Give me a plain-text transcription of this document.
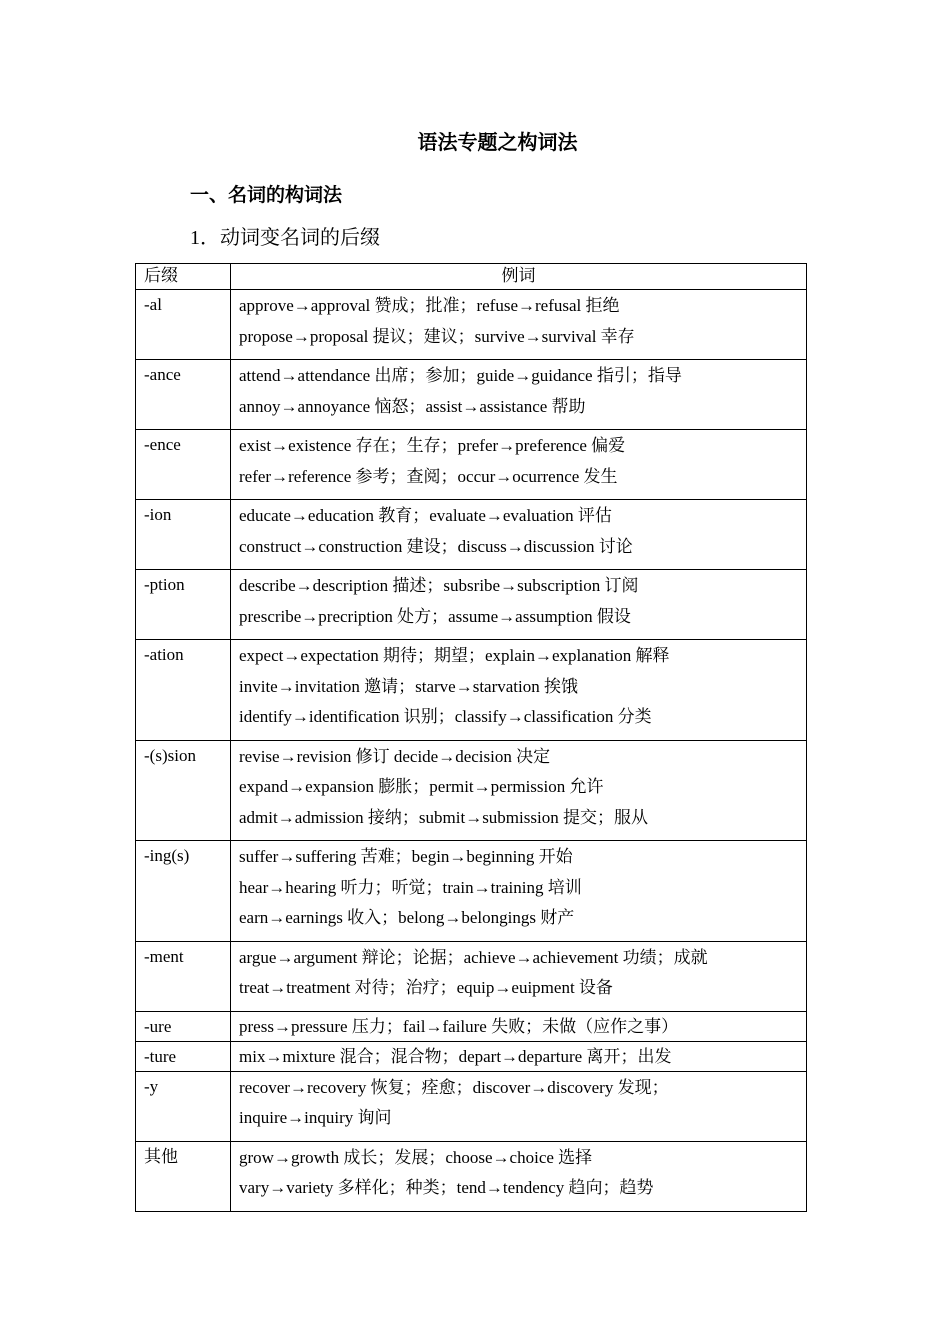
语法专题之构词法
一、名词的构词法
1．动词变名词的后缀
后缀	例词
-al	approve→approval 赞成；批准；refuse→refusal 拒绝
propose→proposal 提议；建议；survive→survival 幸存

-ance	attend→attendance 出席；参加；guide→guidance 指引；指导
annoy→annoyance 恼怒；assist→assistance 帮助

-ence	exist→existence 存在；生存；prefer→preference 偏爱
refer→reference 参考；查阅；occur→ocurrence 发生

-ion	educate→education 教育；evaluate→evaluation 评估
construct→construction 建设；discuss→discussion 讨论

-ption	describe→description 描述；subsribe→subscription 订阅
prescribe→precription 处方；assume→assumption 假设

-ation	expect→expectation 期待；期望；explain→explanation 解释
invite→invitation 邀请；starve→starvation 挨饿
identify→identification 识别；classify→classification 分类

-(s)sion	revise→revision 修订 decide→decision 决定
expand→expansion 膨胀；permit→permission 允许
admit→admission 接纳；submit→submission 提交；服从

-ing(s)	suffer→suffering 苦难；begin→beginning 开始
hear→hearing 听力；听觉；train→training 培训
earn→earnings 收入；belong→belongings 财产

-ment	argue→argument 辩论；论据；achieve→achievement 功绩；成就
treat→treatment 对待；治疗；equip→euipment 设备

-ure	press→pressure 压力；fail→failure 失败；未做（应作之事）

-ture	mix→mixture 混合；混合物；depart→departure 离开；出发

-y	recover→recovery 恢复；痊愈；discover→discovery 发现；
inquire→inquiry 询问

其他	grow→growth 成长；发展；choose→choice 选择
vary→variety 多样化；种类；tend→tendency 趋向；趋势
